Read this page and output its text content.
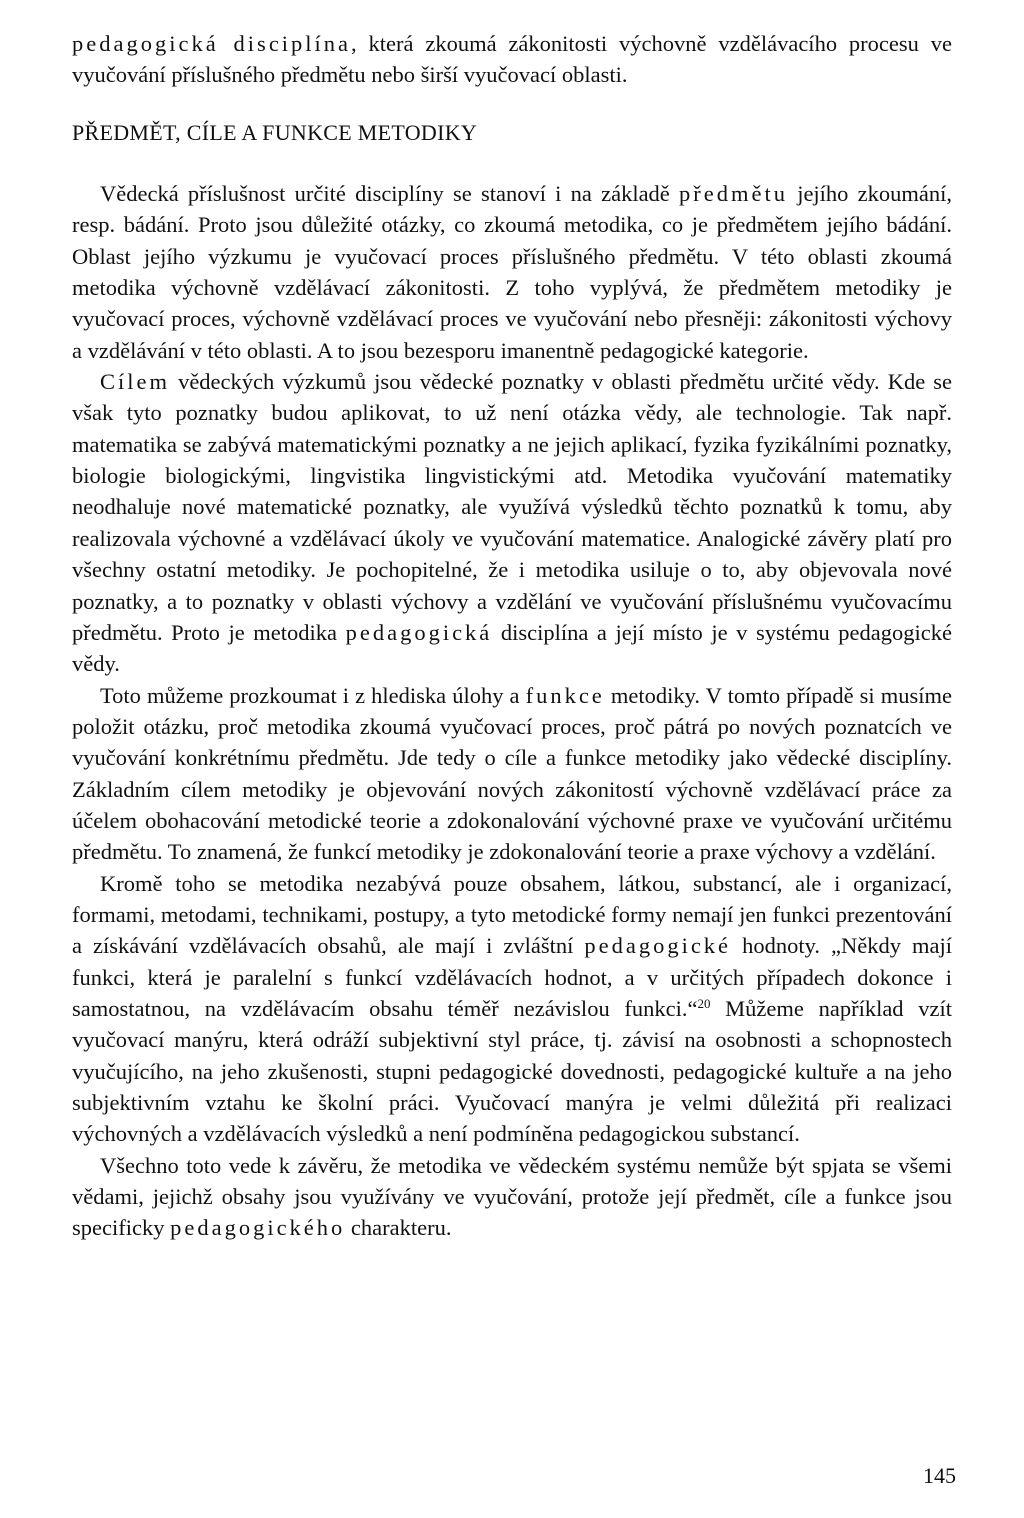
pedagogická disciplína, která zkoumá zákonitosti výchovně vzdělávacího procesu ve vyučování příslušného předmětu nebo širší vyučovací oblasti.

PŘEDMĚT, CÍLE A FUNKCE METODIKY

Vědecká příslušnost určité disciplíny se stanoví i na základě předmětu jejího zkoumání, resp. bádání. Proto jsou důležité otázky, co zkoumá metodika, co je předmětem jejího bádání. Oblast jejího výzkumu je vyučovací proces příslušného předmětu. V této oblasti zkoumá metodika výchovně vzdělávací zákonitosti. Z toho vyplývá, že předmětem metodiky je vyučovací proces, výchovně vzdělávací proces ve vyučování nebo přesněji: zákonitosti výchovy a vzdělávání v této oblasti. A to jsou bezesporu imanentně pedagogické kategorie.

Cílem vědeckých výzkumů jsou vědecké poznatky v oblasti předmětu určité vědy. Kde se však tyto poznatky budou aplikovat, to už není otázka vědy, ale technologie. Tak např. matematika se zabývá matematickými poznatky a ne jejich aplikací, fyzika fyzikálními poznatky, biologie biologickými, lingvistika lingvistickými atd. Metodika vyučování matematiky neodhaluje nové matematické poznatky, ale využívá výsledků těchto poznatků k tomu, aby realizovala výchovné a vzdělávací úkoly ve vyučování matematice. Analogické závěry platí pro všechny ostatní metodiky. Je pochopitelné, že i metodika usiluje o to, aby objevovala nové poznatky, a to poznatky v oblasti výchovy a vzdělání ve vyučování příslušnému vyučovacímu předmětu. Proto je metodika pedagogická disciplína a její místo je v systému pedagogické vědy.

Toto můžeme prozkoumat i z hlediska úlohy a funkce metodiky. V tomto případě si musíme položit otázku, proč metodika zkoumá vyučovací proces, proč pátrá po nových poznatcích ve vyučování konkrétnímu předmětu. Jde tedy o cíle a funkce metodiky jako vědecké disciplíny. Základním cílem metodiky je objevování nových zákonitostí výchovně vzdělávací práce za účelem obohacování metodické teorie a zdokonalování výchovné praxe ve vyučování určitému předmětu. To znamená, že funkcí metodiky je zdokonalování teorie a praxe výchovy a vzdělání.

Kromě toho se metodika nezabývá pouze obsahem, látkou, substancí, ale i organizací, formami, metodami, technikami, postupy, a tyto metodické formy nemají jen funkci prezentování a získávání vzdělávacích obsahů, ale mají i zvláštní pedagogické hodnoty. „Někdy mají funkci, která je paralelní s funkcí vzdělávacích hodnot, a v určitých případech dokonce i samostatnou, na vzdělávacím obsahu téměř nezávislou funkci.“$^{20}$ Můžeme například vzít vyučovací manýru, která odráží subjektivní styl práce, tj. závisí na osobnosti a schopnostech vyučujícího, na jeho zkušenosti, stupni pedagogické dovednosti, pedagogické kultuře a na jeho subjektivním vztahu ke školní práci. Vyučovací manýra je velmi důležitá při realizaci výchovných a vzdělávacích výsledků a není podmíněna pedagogickou substancí.

Všechno toto vede k závěru, že metodika ve vědeckém systému nemůže být spjata se všemi vědami, jejichž obsahy jsou využívány ve vyučování, protože její předmět, cíle a funkce jsou specificky pedagogického charakteru.

145
